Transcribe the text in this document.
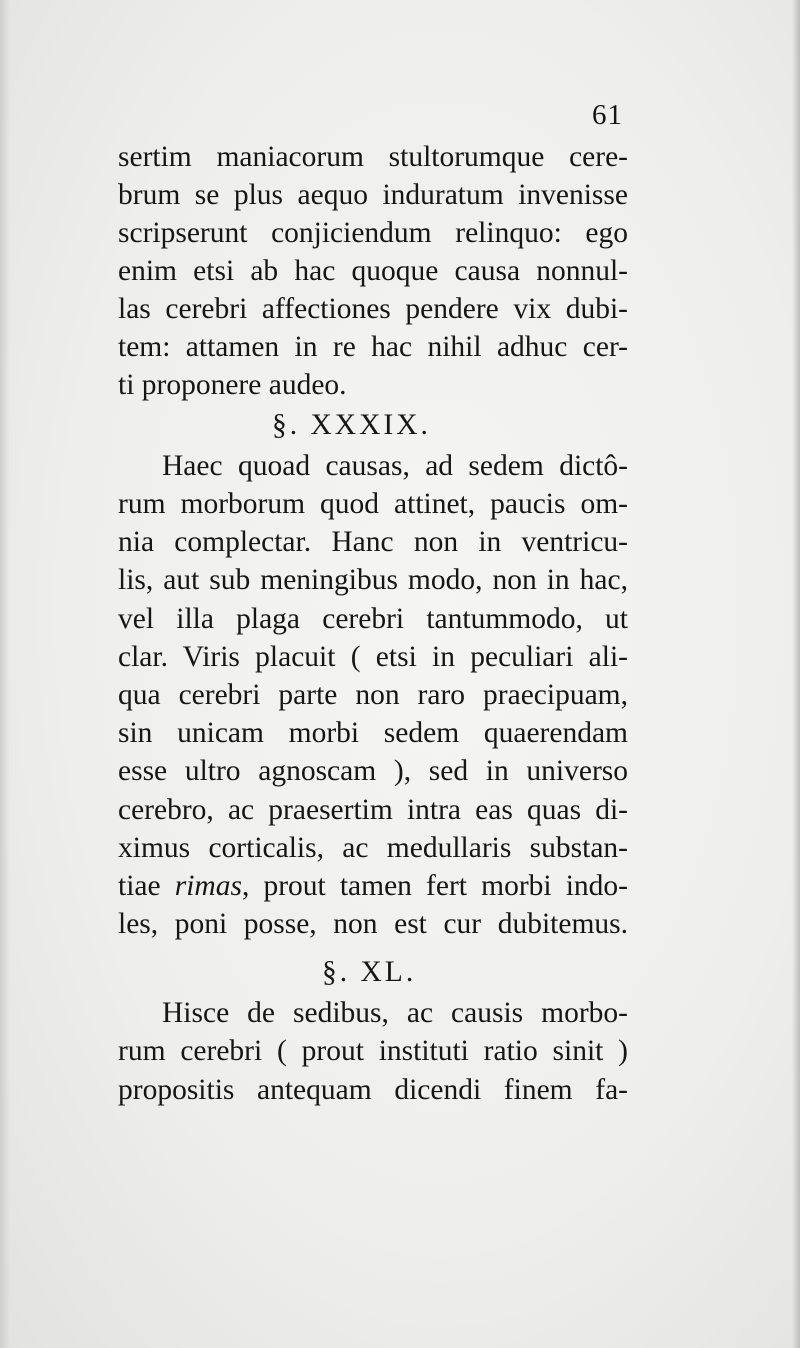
61
sertim maniacorum stultorumque cere-
brum se plus aequo induratum invenisse
scripserunt conjiciendum relinquo: ego
enim etsi ab hac quoque causa nonnul-
las cerebri affectiones pendere vix dubi-
tem: attamen in re hac nihil adhuc cer-
ti proponere audeo.
§. XXXIX.
Haec quoad causas, ad sedem dictô-
rum morborum quod attinet, paucis om-
nia complectar. Hanc non in ventricu-
lis, aut sub meningibus modo, non in hac,
vel illa plaga cerebri tantummodo, ut
clar. Viris placuit ( etsi in peculiari ali-
qua cerebri parte non raro praecipuam,
sin unicam morbi sedem quaerendam
esse ultro agnoscam ), sed in universo
cerebro, ac praesertim intra eas quas di-
ximus corticalis, ac medullaris substan-
tiae rimas, prout tamen fert morbi indo-
les, poni posse, non est cur dubitemus.
§. XL.
Hisce de sedibus, ac causis morbo-
rum cerebri ( prout instituti ratio sinit )
propositis antequam dicendi finem fa-
